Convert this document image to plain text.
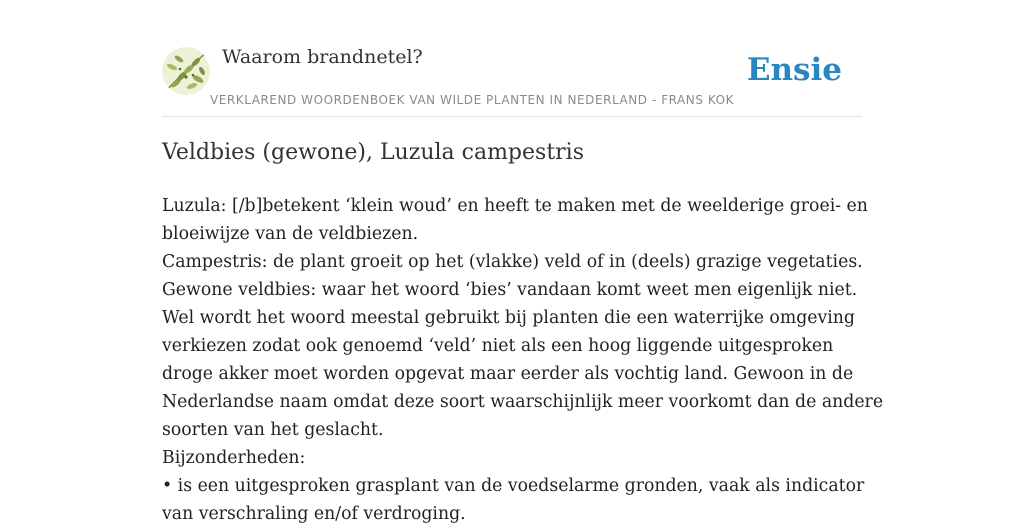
Waarom brandnetel?
VERKLAREND WOORDENBOEK VAN WILDE PLANTEN IN NEDERLAND - FRANS KOK
Ensie
Veldbies (gewone), Luzula campestris
Luzula: [/b]betekent ‘klein woud’ en heeft te maken met de weelderige groei- en
bloeiwijze van de veldbiezen.
Campestris: de plant groeit op het (vlakke) veld of in (deels) grazige vegetaties.
Gewone veldbies: waar het woord ‘bies’ vandaan komt weet men eigenlijk niet.
Wel wordt het woord meestal gebruikt bij planten die een waterrijke omgeving
verkiezen zodat ook genoemd ‘veld’ niet als een hoog liggende uitgesproken
droge akker moet worden opgevat maar eerder als vochtig land. Gewoon in de
Nederlandse naam omdat deze soort waarschijnlijk meer voorkomt dan de andere
soorten van het geslacht.
Bijzonderheden:
• is een uitgesproken grasplant van de voedselarme gronden, vaak als indicator
van verschraling en/of verdroging.
